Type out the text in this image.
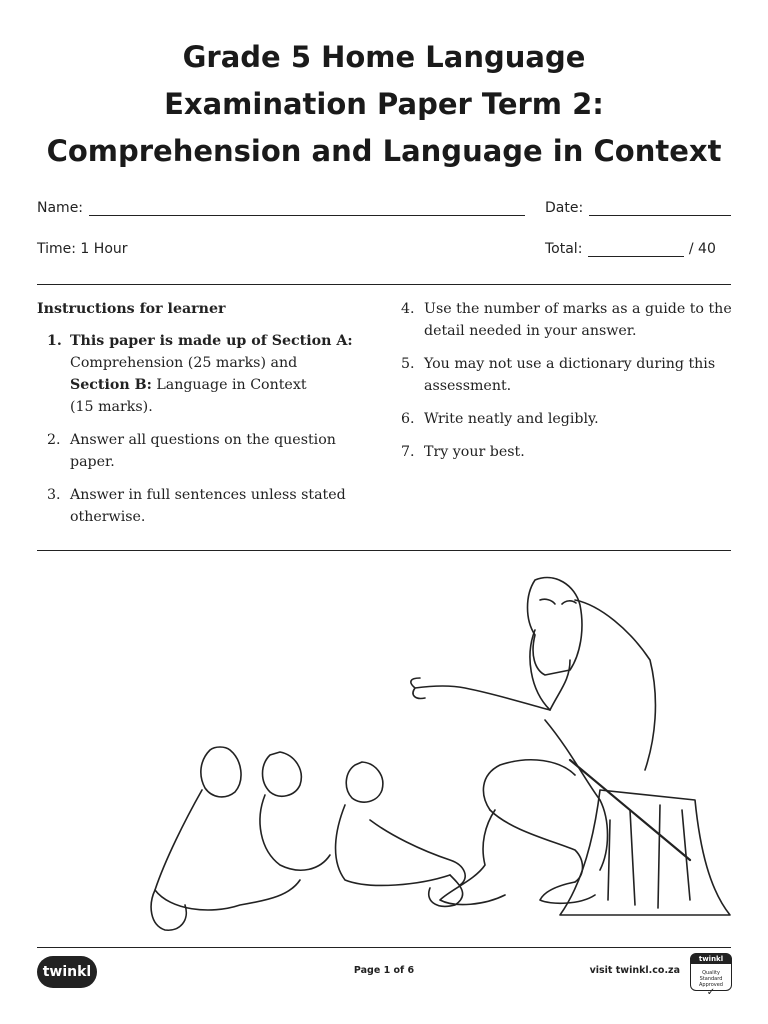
Grade 5 Home Language
Examination Paper Term 2:
Comprehension and Language in Context
Name:	Date:
Time: 1 Hour	Total:	/ 40
Instructions for learner
1. This paper is made up of Section A:
Comprehension (25 marks) and
Section B: Language in Context
(15 marks).
2. Answer all questions on the question paper.
3. Answer in full sentences unless stated otherwise.
4. Use the number of marks as a guide to the detail needed in your answer.
5. You may not use a dictionary during this assessment.
6. Write neatly and legibly.
7. Try your best.
twinkl	Page 1 of 6	visit twinkl.co.za
twinkl
Quality Standard
Approved
✓
